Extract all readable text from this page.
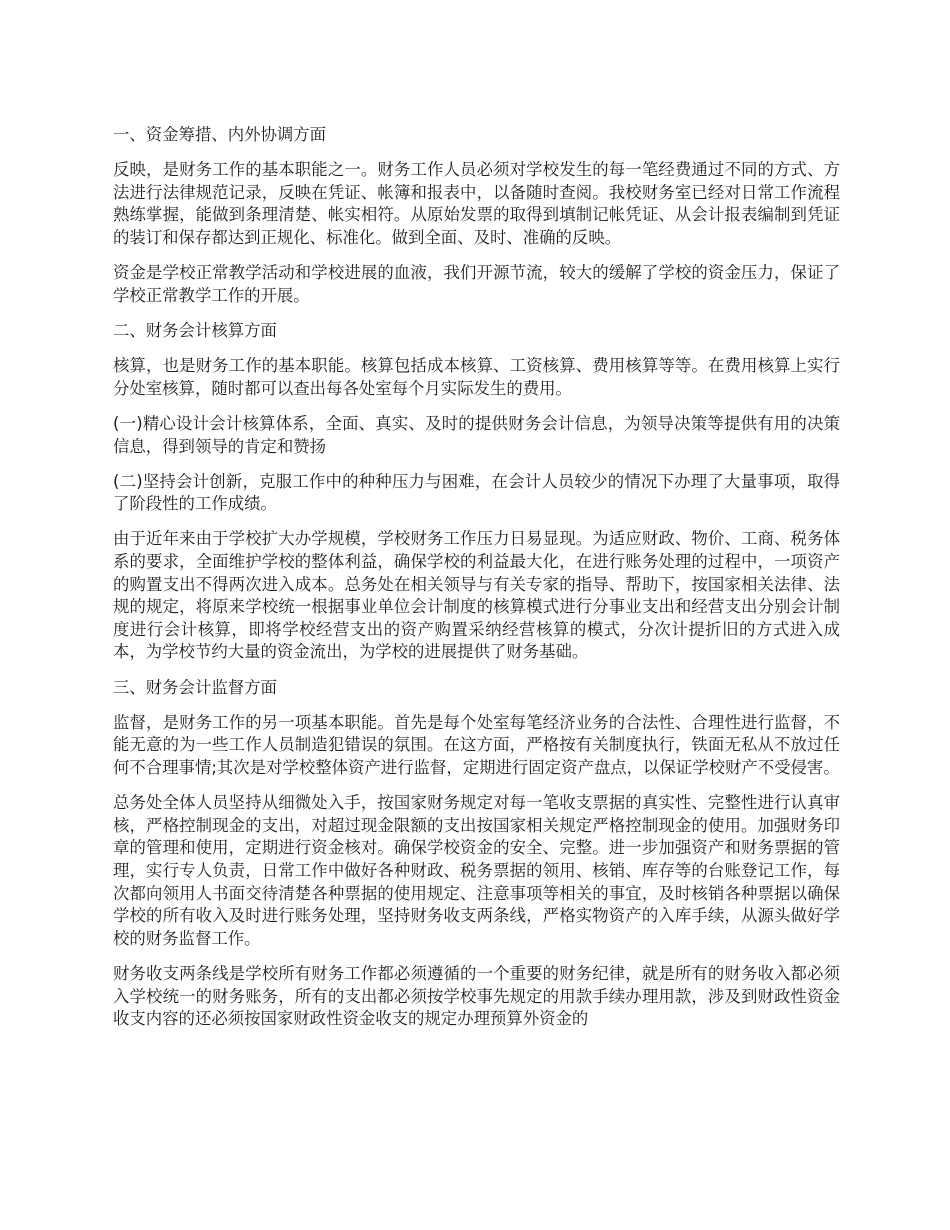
一、资金筹措、内外协调方面

反映，是财务工作的基本职能之一。财务工作人员必须对学校发生的每一笔经费通过不同的方式、方法进行法律规范记录，反映在凭证、帐簿和报表中，以备随时查阅。我校财务室已经对日常工作流程熟练掌握，能做到条理清楚、帐实相符。从原始发票的取得到填制记帐凭证、从会计报表编制到凭证的装订和保存都达到正规化、标准化。做到全面、及时、准确的反映。

资金是学校正常教学活动和学校进展的血液，我们开源节流，较大的缓解了学校的资金压力，保证了学校正常教学工作的开展。

二、财务会计核算方面

核算，也是财务工作的基本职能。核算包括成本核算、工资核算、费用核算等等。在费用核算上实行分处室核算，随时都可以查出每各处室每个月实际发生的费用。

(一)精心设计会计核算体系，全面、真实、及时的提供财务会计信息，为领导决策等提供有用的决策信息，得到领导的肯定和赞扬

(二)坚持会计创新，克服工作中的种种压力与困难，在会计人员较少的情况下办理了大量事项，取得了阶段性的工作成绩。

由于近年来由于学校扩大办学规模，学校财务工作压力日易显现。为适应财政、物价、工商、税务体系的要求，全面维护学校的整体利益，确保学校的利益最大化，在进行账务处理的过程中，一项资产的购置支出不得两次进入成本。总务处在相关领导与有关专家的指导、帮助下，按国家相关法律、法规的规定，将原来学校统一根据事业单位会计制度的核算模式进行分事业支出和经营支出分别会计制度进行会计核算，即将学校经营支出的资产购置采纳经营核算的模式，分次计提折旧的方式进入成本，为学校节约大量的资金流出，为学校的进展提供了财务基础。

三、财务会计监督方面

监督，是财务工作的另一项基本职能。首先是每个处室每笔经济业务的合法性、合理性进行监督，不能无意的为一些工作人员制造犯错误的氛围。在这方面，严格按有关制度执行，铁面无私从不放过任何不合理事情;其次是对学校整体资产进行监督，定期进行固定资产盘点，以保证学校财产不受侵害。

总务处全体人员坚持从细微处入手，按国家财务规定对每一笔收支票据的真实性、完整性进行认真审核，严格控制现金的支出，对超过现金限额的支出按国家相关规定严格控制现金的使用。加强财务印章的管理和使用，定期进行资金核对。确保学校资金的安全、完整。进一步加强资产和财务票据的管理，实行专人负责，日常工作中做好各种财政、税务票据的领用、核销、库存等的台账登记工作，每次都向领用人书面交待清楚各种票据的使用规定、注意事项等相关的事宜，及时核销各种票据以确保学校的所有收入及时进行账务处理，坚持财务收支两条线，严格实物资产的入库手续，从源头做好学校的财务监督工作。

财务收支两条线是学校所有财务工作都必须遵循的一个重要的财务纪律，就是所有的财务收入都必须入学校统一的财务账务，所有的支出都必须按学校事先规定的用款手续办理用款，涉及到财政性资金收支内容的还必须按国家财政性资金收支的规定办理预算外资金的
